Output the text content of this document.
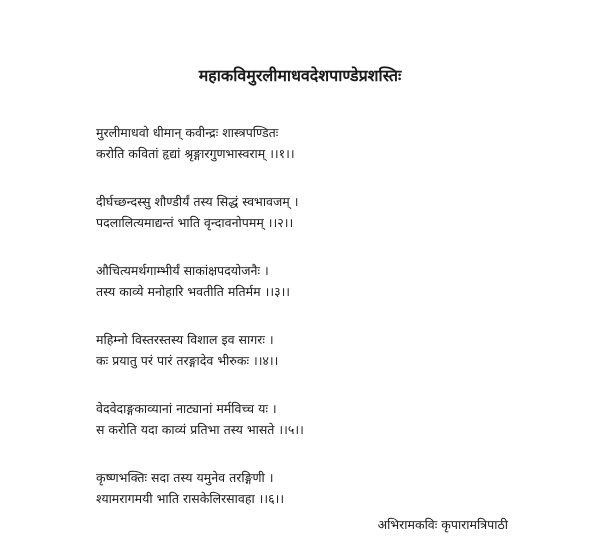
महाकविमुरलीमाधवदेशपाण्डेप्रशस्तिः
मुरलीमाधवो धीमान् कवीन्द्रः शास्त्रपण्डितः
करोति कवितां हृद्यां श्रृङ्गारगुणभास्वराम् ।।१।।
दीर्घच्छन्दस्सु शौण्डीर्यं तस्य सिद्धं स्वभावजम् ।
पदलालित्यमाद्यन्तं भाति वृन्दावनोपमम् ।।२।।
औचित्यमर्थगाम्भीर्यं साकांक्षपदयोजनैः ।
तस्य काव्ये मनोहारि भवतीति मतिर्मम ।।३।।
महिम्नो विस्तरस्तस्य विशाल इव सागरः ।
कः प्रयातु परं पारं तरङ्गादेव भीरुकः ।।४।।
वेदवेदाङ्गकाव्यानां नाट्यानां मर्मविच्च यः ।
स करोति यदा काव्यं प्रतिभा तस्य भासते ।।५।।
कृष्णभक्तिः सदा तस्य यमुनेव तरङ्गिणी ।
श्यामरागमयी भाति रासकेलिरसावहा ।।६।।
अभिरामकविः कृपारामत्रिपाठी
